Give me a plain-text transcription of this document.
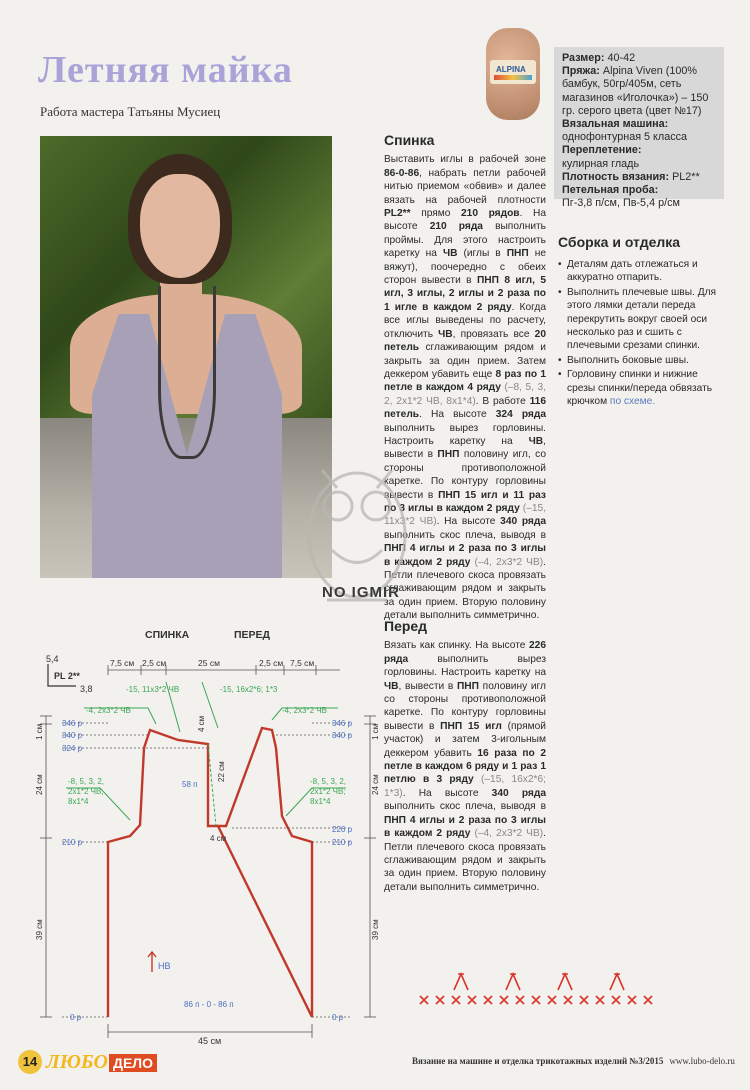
Летняя майка
Работа мастера Татьяны Мусиец
ALPINA
Размер: 40-42
Пряжа: Alpina Viven (100% бамбук, 50гр/405м, сеть магазинов «Иголочка») – 150 гр. серого цвета (цвет №17)
Вязальная машина:
однофонтурная 5 класса
Переплетение:
кулирная гладь
Плотность вязания: PL2**
Петельная проба:
Пг-3,8 п/см, Пв-5,4 р/см
Спинка

Выставить иглы в рабочей зоне 86-0-86, набрать петли рабочей нитью приемом «обвив» и далее вязать на рабочей плотности PL2** прямо 210 рядов. На высоте 210 ряда выполнить проймы. Для этого настроить каретку на ЧВ (иглы в ПНП не вяжут), поочередно с обеих сторон вывести в ПНП 8 игл, 5 игл, 3 иглы, 2 иглы и 2 раза по 1 игле в каждом 2 ряду. Когда все иглы выведены по расчету, отключить ЧВ, провязать все 20 петель сглаживающим рядом и закрыть за один прием. Затем деккером убавить еще 8 раз по 1 петле в каждом 4 ряду (–8, 5, 3, 2, 2х1*2 ЧВ, 8х1*4). В работе 116 петель. На высоте 324 ряда выполнить вырез горловины. Настроить каретку на ЧВ, вывести в ПНП половину игл, со стороны противоположной каретке. По контуру горловины вывести в ПНП 15 игл и 11 раз по 3 иглы в каждом 2 ряду (–15, 11х3*2 ЧВ). На высоте 340 ряда выполнить скос плеча, выводя в ПНП 4 иглы и 2 раза по 3 иглы в каждом 2 ряду (–4, 2х3*2 ЧВ). Петли плечевого скоса провязать сглаживающим рядом и закрыть за один прием. Вторую половину детали выполнить симметрично.

Перед

Вязать как спинку. На высоте 226 ряда выполнить вырез горловины. Настроить каретку на ЧВ, вывести в ПНП половину игл со стороны противоположной каретке. По контуру горловины вывести в ПНП 15 игл (прямой участок) и затем 3-игольным деккером убавить 16 раза по 2 петле в каждом 6 ряду и 1 раз 1 петлю в 3 ряду (–15, 16х2*6; 1*3). На высоте 340 ряда выполнить скос плеча, выводя в ПНП 4 иглы и 2 раза по 3 иглы в каждом 2 ряду (–4, 2х3*2 ЧВ). Петли плечевого скоса провязать сглаживающим рядом и закрыть за один прием. Вторую половину детали выполнить симметрично.

Сборка и отделка
• Деталям дать отлежаться и аккуратно отпарить.
• Выполнить плечевые швы. Для этого лямки детали переда перекрутить вокруг своей оси несколько раз и сшить с плечевыми срезами спинки.
• Выполнить боковые швы.
• Горловину спинки и нижние срезы спинки/переда обвязать крючком по схеме.
NO IGMIR
СПИНКА	ПЕРЕД
5,4
PL 2**
3,8
7,5 см 2,5 см	25 см	2,5 см 7,5 см
-15, 11x3*2 ЧВ	-15, 16x2*6; 1*3
-4, 2x3*2 ЧВ	-4, 2x3*2 ЧВ
346 р
340 р
324 р
210 р
0 р
1 см
24 см
39 см
-8, 5, 3, 2, 2x1*2 ЧВ, 8x1*4
-8, 5, 3, 2, 2x1*2 ЧВ; 8x1*4
346 р
340 р
226 р
210 р
0 р
1 см
24 см
39 см
4 см
22 см
58 п
4 см
НВ
86 п - 0 - 86 п
45 см
14 ЛЮБО ДЕЛО	Вязание на машине и отделка трикотажных изделий №3/2015 www.lubo-delo.ru
